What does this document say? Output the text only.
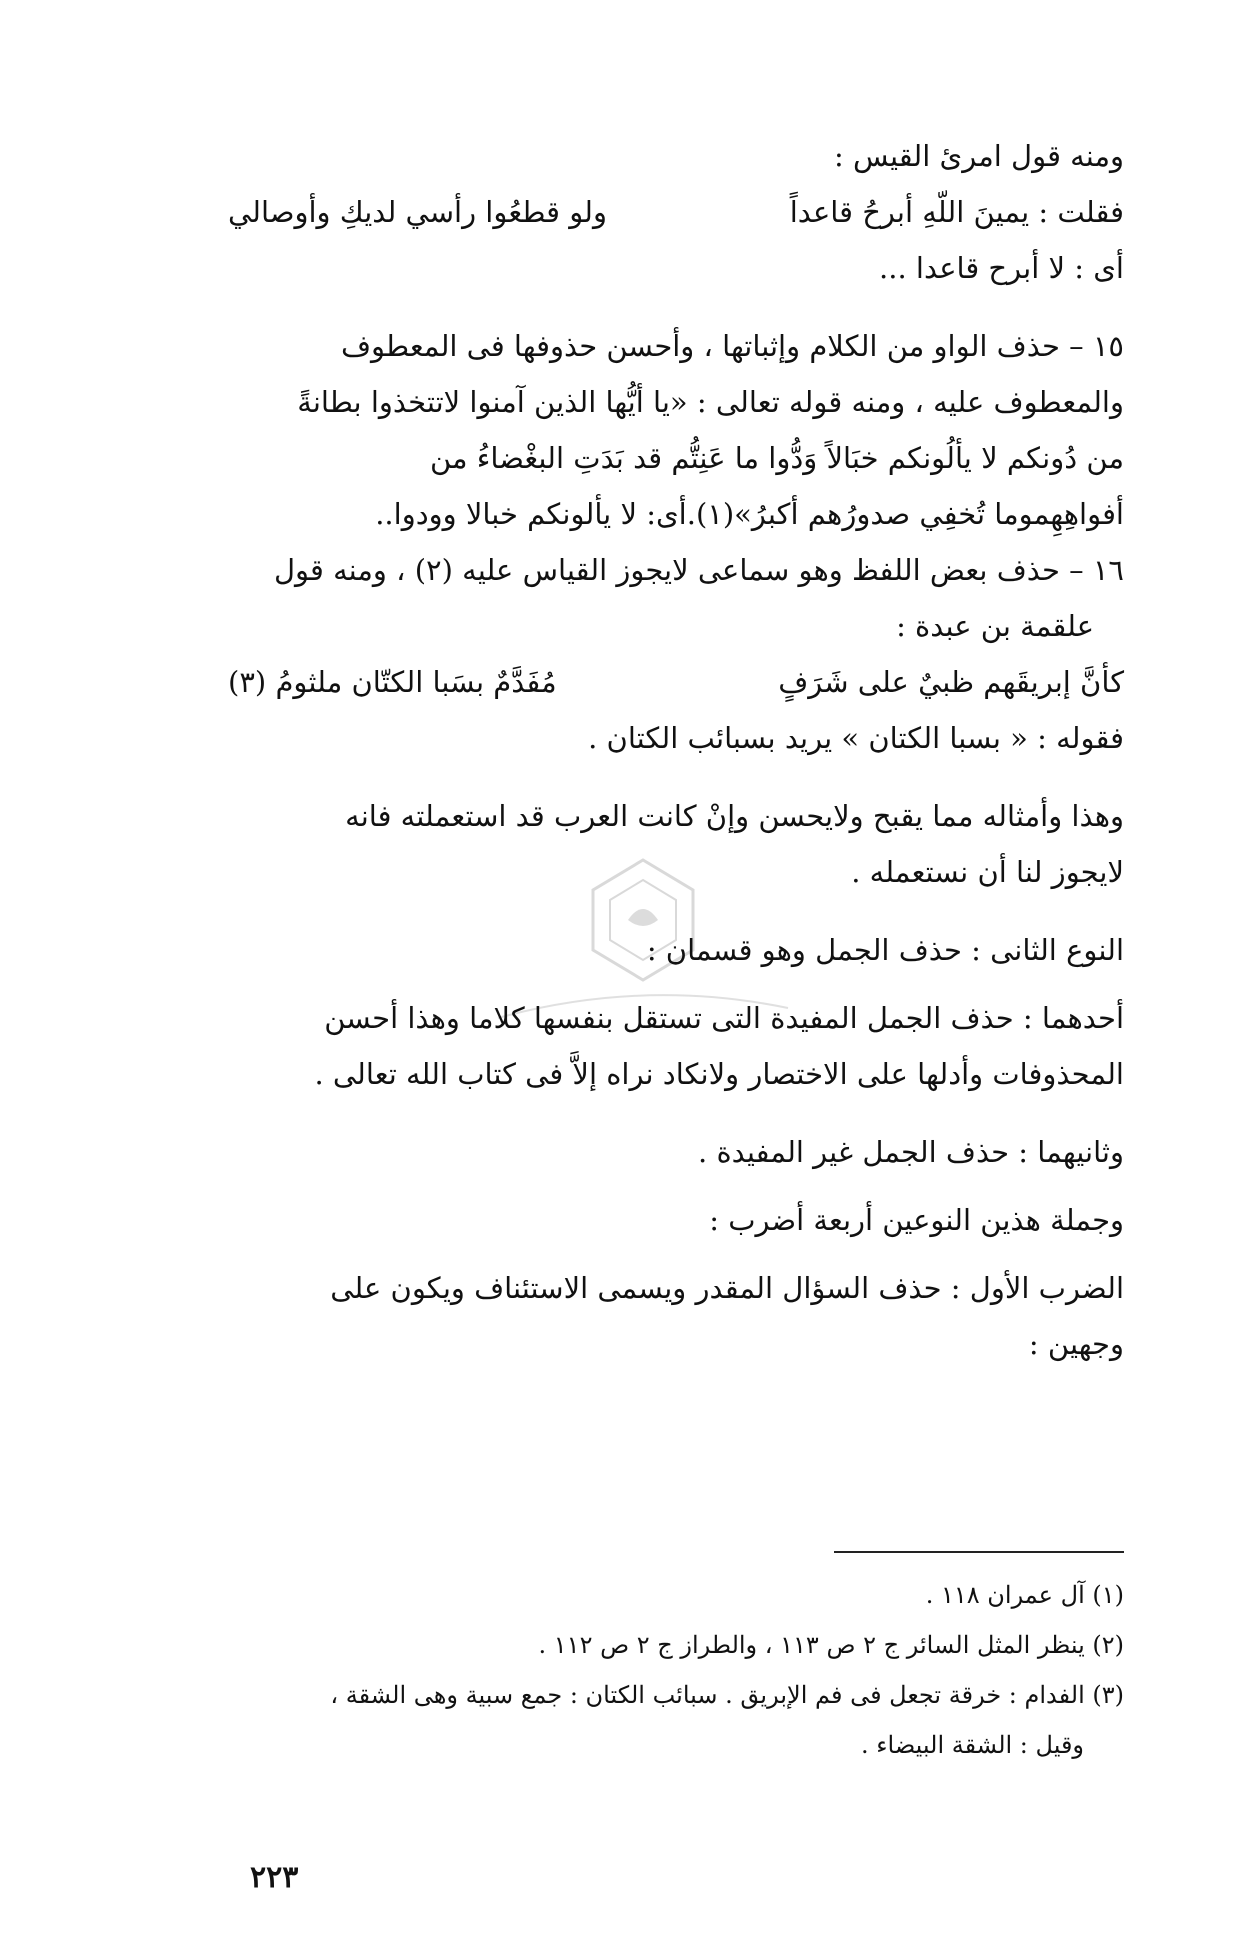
ومنه قول امرئ القيس :
فقلت : يمينَ اللّهِ أبرحُ قاعداً
ولو قطعُوا رأسي لديكِ وأوصالي
أى : لا أبرح قاعدا ...
١٥ – حذف الواو من الكلام وإثباتها ، وأحسن حذوفها فى المعطوف
والمعطوف عليه ، ومنه قوله تعالى : «يا أيُّها الذين آمنوا لاتتخذوا بطانةً
من دُونكم لا يألُونكم خبَالاً وَدُّوا ما عَنِتُّم قد بَدَتِ البغْضاءُ من
أفواهِهِموما تُخفِي صدورُهم أكبرُ»(١).أى: لا يألونكم خبالا وودوا..
١٦ – حذف بعض اللفظ وهو سماعى لايجوز القياس عليه (٢) ، ومنه قول
علقمة بن عبدة :
كأنَّ إبريقَهم ظبيٌ على شَرَفٍ
مُفَدَّمٌ بسَبا الكتّان ملثومُ (٣)
فقوله : « بسبا الكتان » يريد بسبائب الكتان .
وهذا وأمثاله مما يقبح ولايحسن وإنْ كانت العرب قد استعملته فانه
لايجوز لنا أن نستعمله .
النوع الثانى : حذف الجمل وهو قسمان :
أحدهما : حذف الجمل المفيدة التى تستقل بنفسها كلاما وهذا أحسن
المحذوفات وأدلها على الاختصار ولانكاد نراه إلاَّ فى كتاب الله تعالى .
وثانيهما : حذف الجمل غير المفيدة .
وجملة هذين النوعين أربعة أضرب :
الضرب الأول : حذف السؤال المقدر ويسمى الاستئناف ويكون على
وجهين :
(١) آل عمران ١١٨ .
(٢) ينظر المثل السائر ج ٢ ص ١١٣ ، والطراز ج ٢ ص ١١٢ .
(٣) الفدام : خرقة تجعل فى فم الإبريق . سبائب الكتان : جمع سبية وهى الشقة ،
وقيل : الشقة البيضاء .
٢٢٣
